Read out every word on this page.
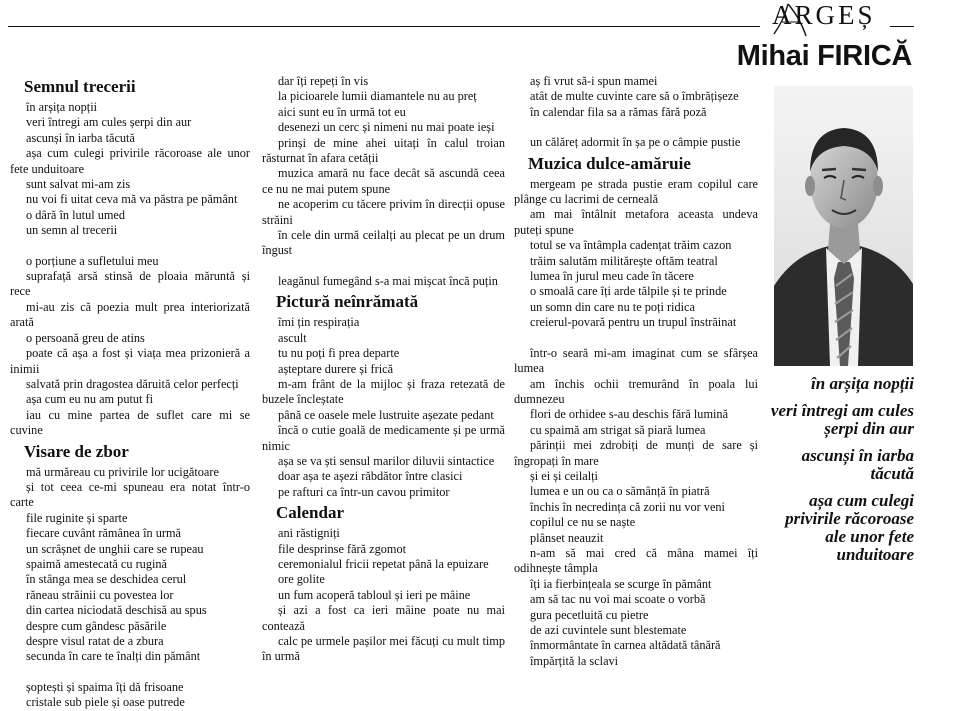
ARGEȘ
Mihai FIRICĂ
Semnul trecerii

în arșița nopții

veri întregi am cules șerpi din aur

ascunși în iarba tăcută

așa cum culegi privirile răcoroase ale unor fete unduitoare

sunt salvat mi-am zis

nu voi fi uitat ceva mă va păstra pe pământ

o dâră în lutul umed

un semn al trecerii

o porțiune a sufletului meu

suprafață arsă stinsă de ploaia măruntă și rece

mi-au zis că poezia mult prea interiorizată arată

o persoană greu de atins

poate că așa a fost și viața mea prizonieră a inimii

salvată prin dragostea dăruită celor perfecți

așa cum eu nu am putut fi

iau cu mine partea de suflet care mi se cuvine

Visare de zbor

mă urmăreau cu privirile lor ucigătoare

și tot ceea ce-mi spuneau era notat într-o carte

file ruginite și sparte

fiecare cuvânt rămânea în urmă

un scrâșnet de unghii care se rupeau

spaimă amestecată cu rugină

în stânga mea se deschidea cerul

răneau străinii cu povestea lor

din cartea niciodată deschisă au spus

despre cum gândesc păsările

despre visul ratat de a zbura

secunda în care te înalți din pământ

șoptești și spaima îți dă frisoane

cristale sub piele și oase putrede

dar îți repeți în vis

la picioarele lumii diamantele nu au preț

aici sunt eu în urmă tot eu

desenezi un cerc și nimeni nu mai poate ieși

prinși de mine ahei uitați în calul troian răsturnat în afara cetății

muzica amară nu face decât să ascundă ceea ce nu ne mai putem spune

ne acoperim cu tăcere privim în direcții opuse străini

în cele din urmă ceilalți au plecat pe un drum îngust

leagănul fumegând s-a mai mișcat încă puțin

Pictură neînrămată

îmi țin respirația

ascult

tu nu poți fi prea departe

așteptare durere și frică

m-am frânt de la mijloc și fraza retezată de buzele încleștate

până ce oasele mele lustruite așezate pedant

încă o cutie goală de medicamente și pe urmă nimic

așa se va ști sensul marilor diluvii sintactice

doar așa te așezi răbdător între clasici

pe rafturi ca într-un cavou primitor

Calendar

ani răstigniți

file desprinse fără zgomot

ceremonialul fricii repetat până la epuizare

ore golite

un fum acoperă tabloul și ieri pe mâine

și azi a fost ca ieri mâine poate nu mai contează

calc pe urmele pașilor mei făcuți cu mult timp în urmă

aș fi vrut să-i spun mamei

atât de multe cuvinte care să o îmbrățișeze

în calendar fila sa a rămas fără poză

un călăreț adormit în șa pe o câmpie pustie

Muzica dulce-amăruie

mergeam pe strada pustie eram copilul care plânge cu lacrimi de cerneală

am mai întâlnit metafora aceasta undeva puteți spune

totul se va întâmpla cadențat trăim cazon

trăim salutăm militărește oftăm teatral

lumea în jurul meu cade în tăcere

o smoală care îți arde tălpile și te prinde

un somn din care nu te poți ridica

creierul-povară pentru un trupul înstrăinat

într-o seară mi-am imaginat cum se sfârșea lumea

am închis ochii tremurând în poala lui dumnezeu

flori de orhidee s-au deschis fără lumină

cu spaimă am strigat să piară lumea

părinții mei zdrobiți de munți de sare și îngropați în mare

și ei și ceilalți

lumea e un ou ca o sămânță în piatră

închis în necredința că zorii nu vor veni

copilul ce nu se naște

plânset neauzit

n-am să mai cred că mâna mamei îți odihnește tâmpla

îți ia fierbințeala se scurge în pământ

am să tac nu voi mai scoate o vorbă

gura pecetluită cu pietre

de azi cuvintele sunt blestemate

înmormântate în carnea altădată tânără

împărțită la sclavi

în arșița nopții

veri întregi am cules șerpi din aur

ascunși în iarba tăcută

așa cum culegi privirile răcoroase ale unor fete unduitoare
